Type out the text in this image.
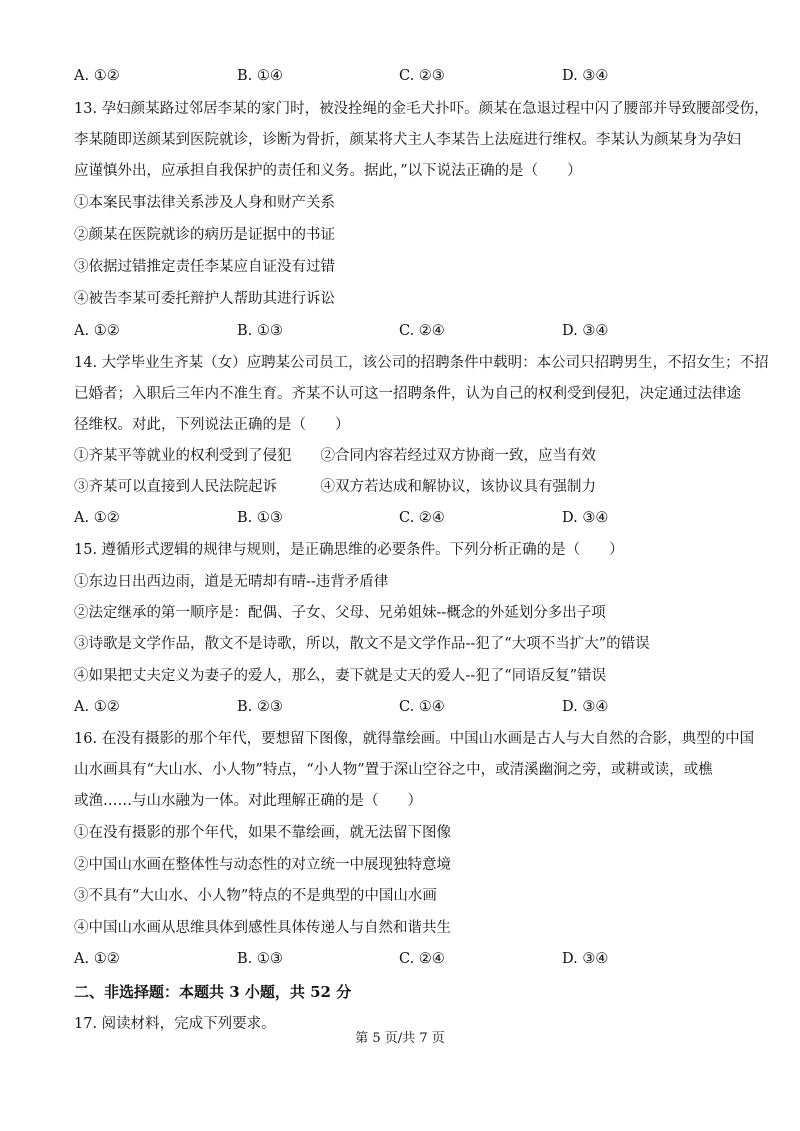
A. ①②	B. ①④	C. ②③	D. ③④
13. 孕妇颜某路过邻居李某的家门时，被没拴绳的金毛犬扑吓。颜某在急退过程中闪了腰部并导致腰部受伤，
李某随即送颜某到医院就诊，诊断为骨折，颜某将犬主人李某告上法庭进行维权。李某认为颜某身为孕妇
应谨慎外出，应承担自我保护的责任和义务。据此，”以下说法正确的是（　　）
①本案民事法律关系涉及人身和财产关系
②颜某在医院就诊的病历是证据中的书证
③依据过错推定责任李某应自证没有过错
④被告李某可委托辩护人帮助其进行诉讼
A. ①②	B. ①③	C. ②④	D. ③④
14. 大学毕业生齐某（女）应聘某公司员工，该公司的招聘条件中载明：本公司只招聘男生，不招女生；不招
已婚者；入职后三年内不准生育。齐某不认可这一招聘条件，认为自己的权利受到侵犯，决定通过法律途
径维权。对此，下列说法正确的是（　　）
①齐某平等就业的权利受到了侵犯　　②合同内容若经过双方协商一致，应当有效
③齐某可以直接到人民法院起诉　　　④双方若达成和解协议，该协议具有强制力
A. ①②	B. ①③	C. ②④	D. ③④
15. 遵循形式逻辑的规律与规则，是正确思维的必要条件。下列分析正确的是（　　）
①东边日出西边雨，道是无晴却有晴--违背矛盾律
②法定继承的第一顺序是：配偶、子女、父母、兄弟姐妹--概念的外延划分多出子项
③诗歌是文学作品，散文不是诗歌，所以，散文不是文学作品--犯了“大项不当扩大”的错误
④如果把丈夫定义为妻子的爱人，那么，妻下就是丈天的爱人--犯了“同语反复”错误
A. ①②	B. ②③	C. ①④	D. ③④
16. 在没有摄影的那个年代，要想留下图像，就得靠绘画。中国山水画是古人与大自然的合影，典型的中国
山水画具有“大山水、小人物”特点，“小人物”置于深山空谷之中，或清溪幽涧之旁，或耕或读，或樵
或渔……与山水融为一体。对此理解正确的是（　　）
①在没有摄影的那个年代，如果不靠绘画，就无法留下图像
②中国山水画在整体性与动态性的对立统一中展现独特意境
③不具有“大山水、小人物”特点的不是典型的中国山水画
④中国山水画从思维具体到感性具体传递人与自然和谐共生
A. ①②	B. ①③	C. ②④	D. ③④
二、非选择题：本题共 3 小题，共 52 分
17. 阅读材料，完成下列要求。
第 5 页/共 7 页
